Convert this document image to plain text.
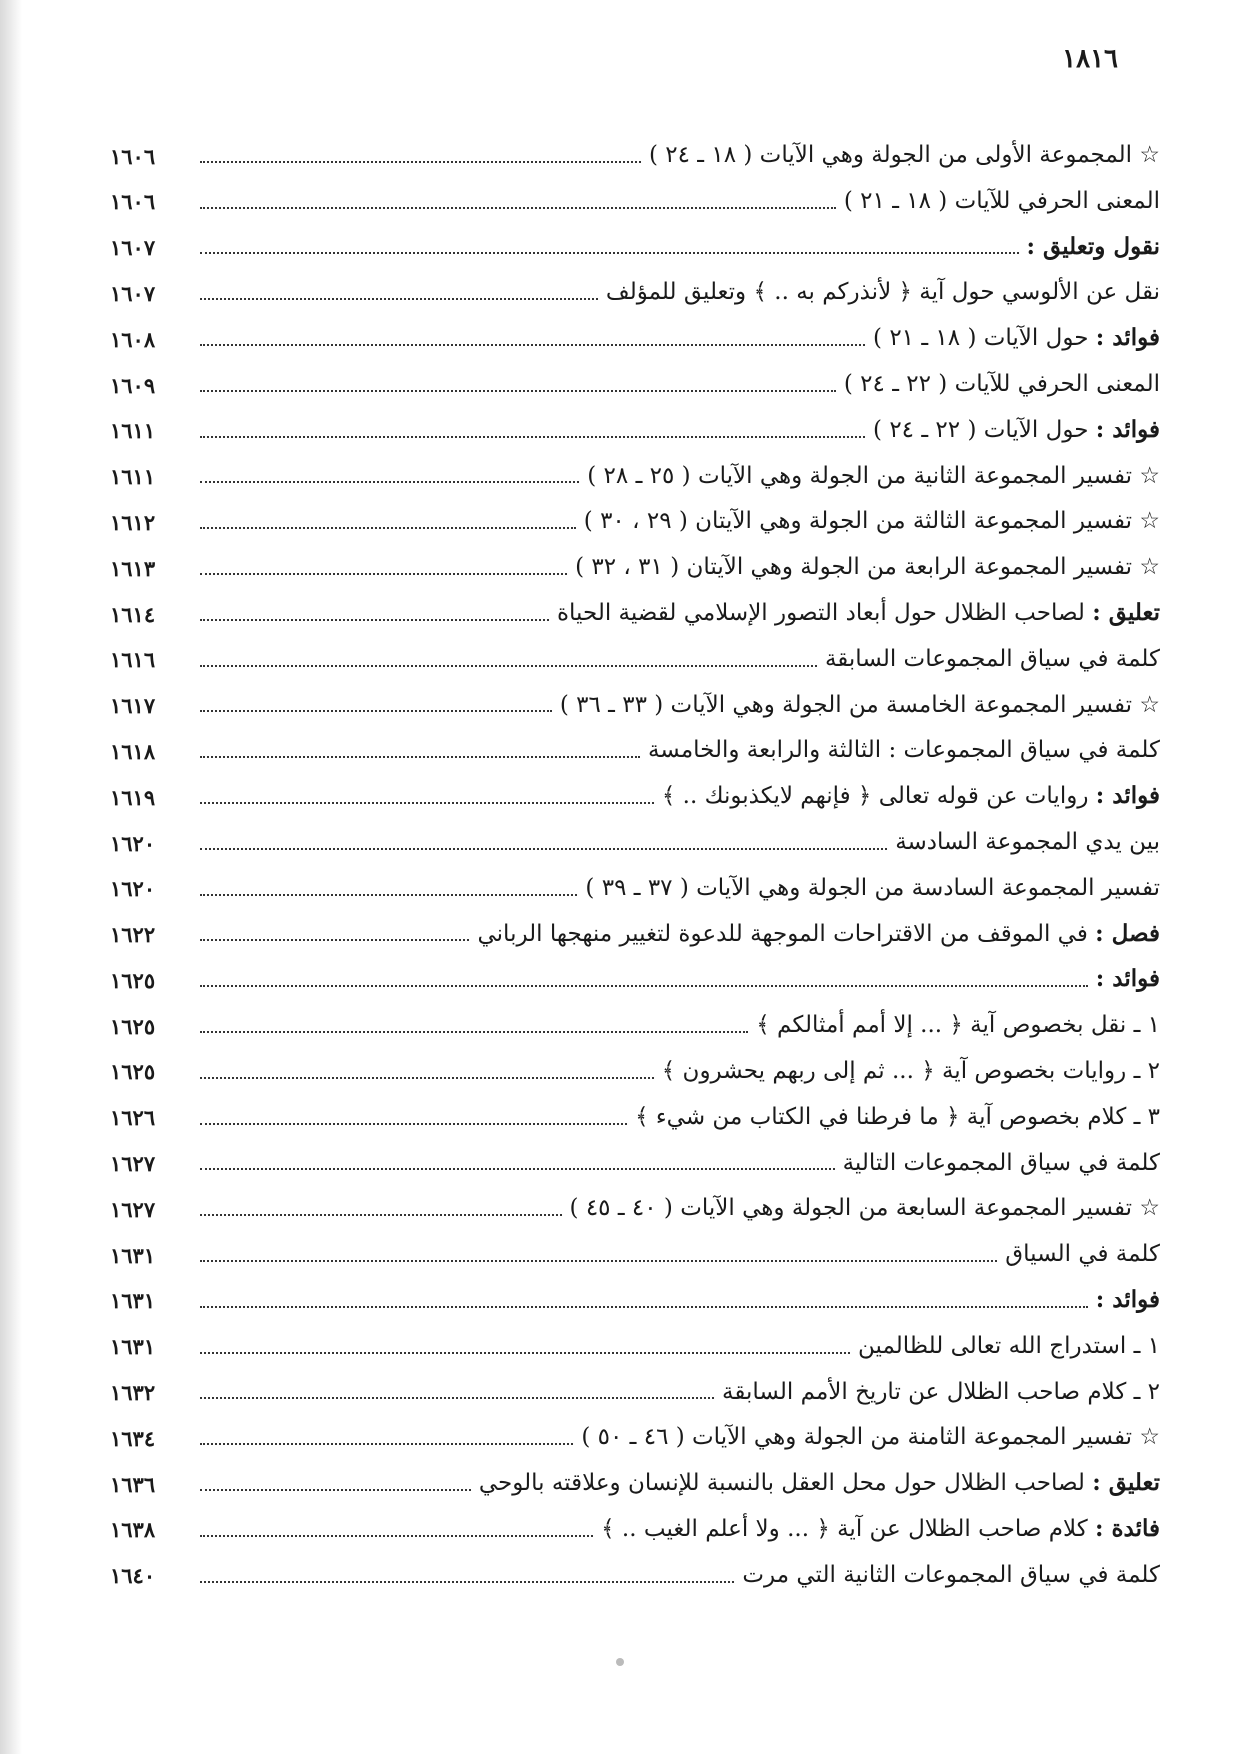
١٨١٦
☆ المجموعة الأولى من الجولة وهي الآيات ( ١٨ ـ ٢٤ )
١٦٠٦
المعنى الحرفي للآيات ( ١٨ ـ ٢١ )
١٦٠٦
نقول وتعليق :
١٦٠٧
نقل عن الألوسي حول آية ﴿ لأنذركم به .. ﴾ وتعليق للمؤلف
١٦٠٧
فوائد : حول الآيات ( ١٨ ـ ٢١ )
١٦٠٨
المعنى الحرفي للآيات ( ٢٢ ـ ٢٤ )
١٦٠٩
فوائد : حول الآيات ( ٢٢ ـ ٢٤ )
١٦١١
☆ تفسير المجموعة الثانية من الجولة وهي الآيات ( ٢٥ ـ ٢٨ )
١٦١١
☆ تفسير المجموعة الثالثة من الجولة وهي الآيتان ( ٢٩ ، ٣٠ )
١٦١٢
☆ تفسير المجموعة الرابعة من الجولة وهي الآيتان ( ٣١ ، ٣٢ )
١٦١٣
تعليق : لصاحب الظلال حول أبعاد التصور الإسلامي لقضية الحياة
١٦١٤
كلمة في سياق المجموعات السابقة
١٦١٦
☆ تفسير المجموعة الخامسة من الجولة وهي الآيات ( ٣٣ ـ ٣٦ )
١٦١٧
كلمة في سياق المجموعات : الثالثة والرابعة والخامسة
١٦١٨
فوائد : روايات عن قوله تعالى ﴿ فإنهم لايكذبونك .. ﴾
١٦١٩
بين يدي المجموعة السادسة
١٦٢٠
تفسير المجموعة السادسة من الجولة وهي الآيات ( ٣٧ ـ ٣٩ )
١٦٢٠
فصل : في الموقف من الاقتراحات الموجهة للدعوة لتغيير منهجها الرباني
١٦٢٢
فوائد :
١٦٢٥
١ ـ نقل بخصوص آية ﴿ ... إلا أمم أمثالكم ﴾
١٦٢٥
٢ ـ روايات بخصوص آية ﴿ ... ثم إلى ربهم يحشرون ﴾
١٦٢٥
٣ ـ كلام بخصوص آية ﴿ ما فرطنا في الكتاب من شيء ﴾
١٦٢٦
كلمة في سياق المجموعات التالية
١٦٢٧
☆ تفسير المجموعة السابعة من الجولة وهي الآيات ( ٤٠ ـ ٤٥ )
١٦٢٧
كلمة في السياق
١٦٣١
فوائد :
١٦٣١
١ ـ استدراج الله تعالى للظالمين
١٦٣١
٢ ـ كلام صاحب الظلال عن تاريخ الأمم السابقة
١٦٣٢
☆ تفسير المجموعة الثامنة من الجولة وهي الآيات ( ٤٦ ـ ٥٠ )
١٦٣٤
تعليق : لصاحب الظلال حول محل العقل بالنسبة للإنسان وعلاقته بالوحي
١٦٣٦
فائدة : كلام صاحب الظلال عن آية ﴿ ... ولا أعلم الغيب .. ﴾
١٦٣٨
كلمة في سياق المجموعات الثانية التي مرت
١٦٤٠
